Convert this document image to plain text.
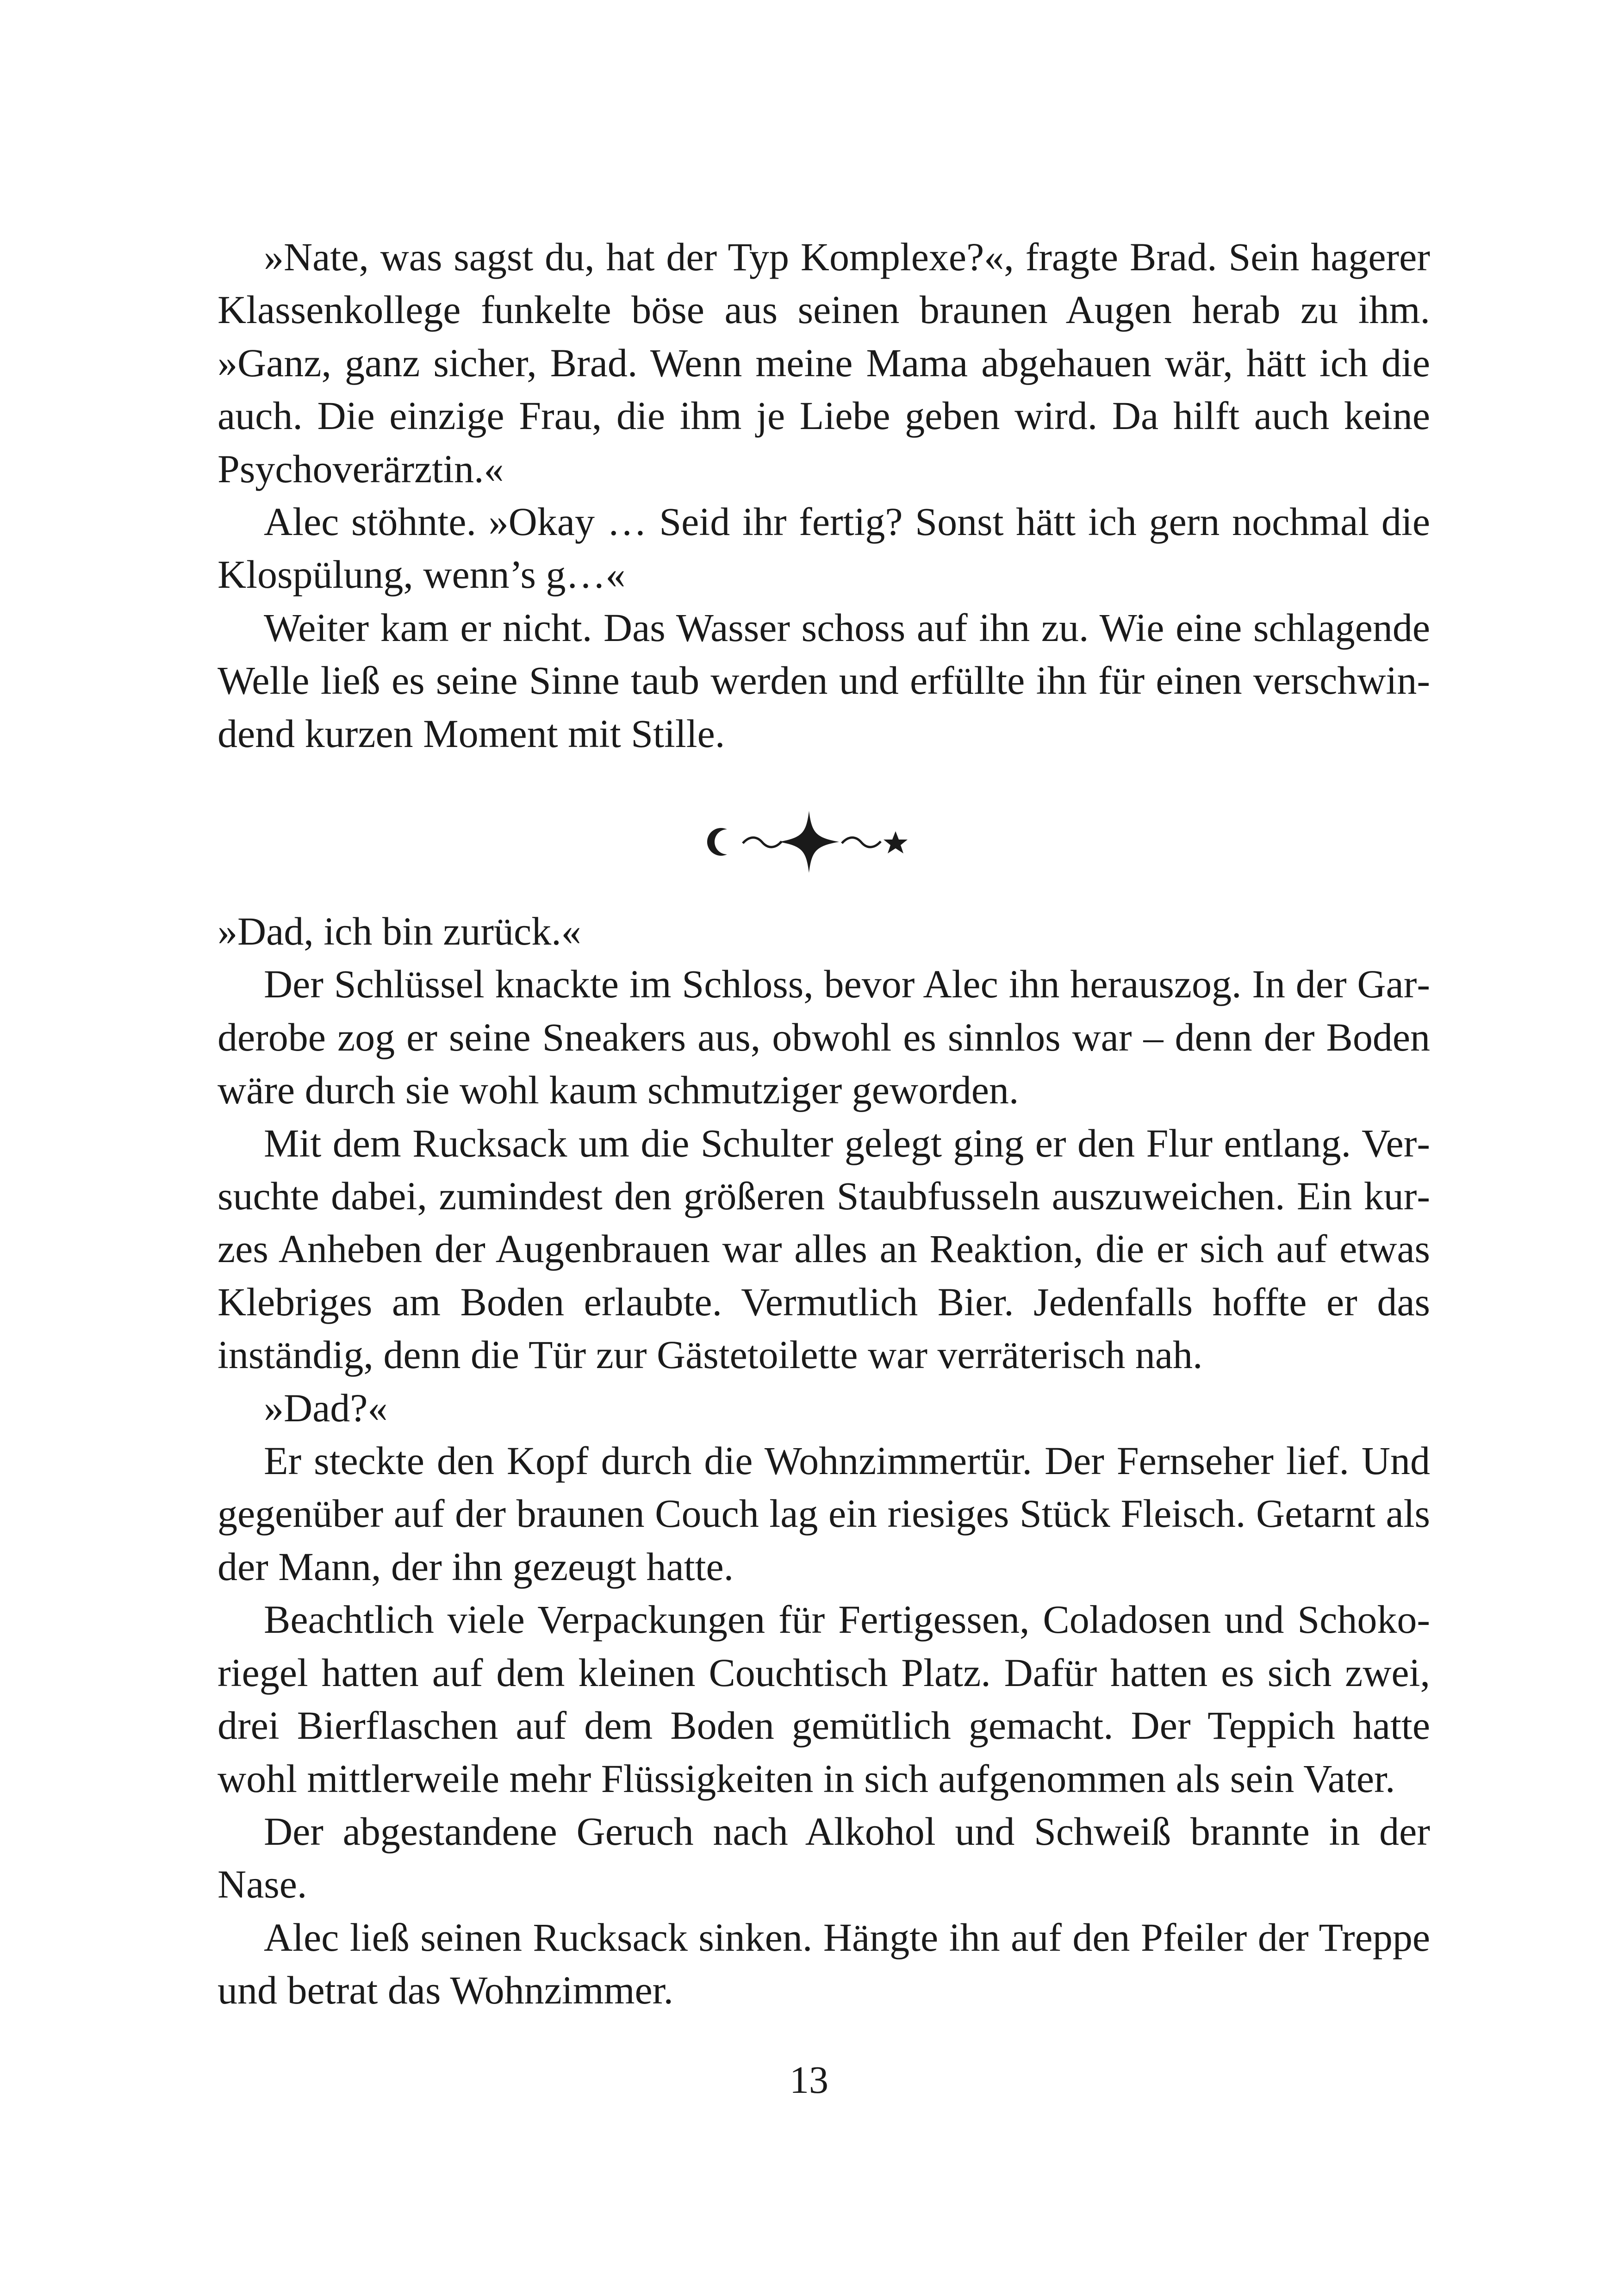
»Nate, was sagst du, hat der Typ Komplexe?«, fragte Brad. Sein hagerer Klassenkollege funkelte böse aus seinen braunen Augen herab zu ihm. »Ganz, ganz sicher, Brad. Wenn meine Mama abgehauen wär, hätt ich die auch. Die einzige Frau, die ihm je Liebe geben wird. Da hilft auch keine Psychoverärztin.«

Alec stöhnte. »Okay … Seid ihr fertig? Sonst hätt ich gern nochmal die Klospülung, wenn’s g…«

Weiter kam er nicht. Das Wasser schoss auf ihn zu. Wie eine schlagende Welle ließ es seine Sinne taub werden und erfüllte ihn für einen verschwindend kurzen Moment mit Stille.

»Dad, ich bin zurück.«

Der Schlüssel knackte im Schloss, bevor Alec ihn herauszog. In der Garderobe zog er seine Sneakers aus, obwohl es sinnlos war – denn der Boden wäre durch sie wohl kaum schmutziger geworden.

Mit dem Rucksack um die Schulter gelegt ging er den Flur entlang. Versuchte dabei, zumindest den größeren Staubfusseln auszuweichen. Ein kurzes Anheben der Augenbrauen war alles an Reaktion, die er sich auf etwas Klebriges am Boden erlaubte. Vermutlich Bier. Jedenfalls hoffte er das inständig, denn die Tür zur Gästetoilette war verräterisch nah.

»Dad?«

Er steckte den Kopf durch die Wohnzimmertür. Der Fernseher lief. Und gegenüber auf der braunen Couch lag ein riesiges Stück Fleisch. Getarnt als der Mann, der ihn gezeugt hatte.

Beachtlich viele Verpackungen für Fertigessen, Coladosen und Schokoriegel hatten auf dem kleinen Couchtisch Platz. Dafür hatten es sich zwei, drei Bierflaschen auf dem Boden gemütlich gemacht. Der Teppich hatte wohl mittlerweile mehr Flüssigkeiten in sich aufgenommen als sein Vater.

Der abgestandene Geruch nach Alkohol und Schweiß brannte in der Nase.

Alec ließ seinen Rucksack sinken. Hängte ihn auf den Pfeiler der Treppe und betrat das Wohnzimmer.

13
